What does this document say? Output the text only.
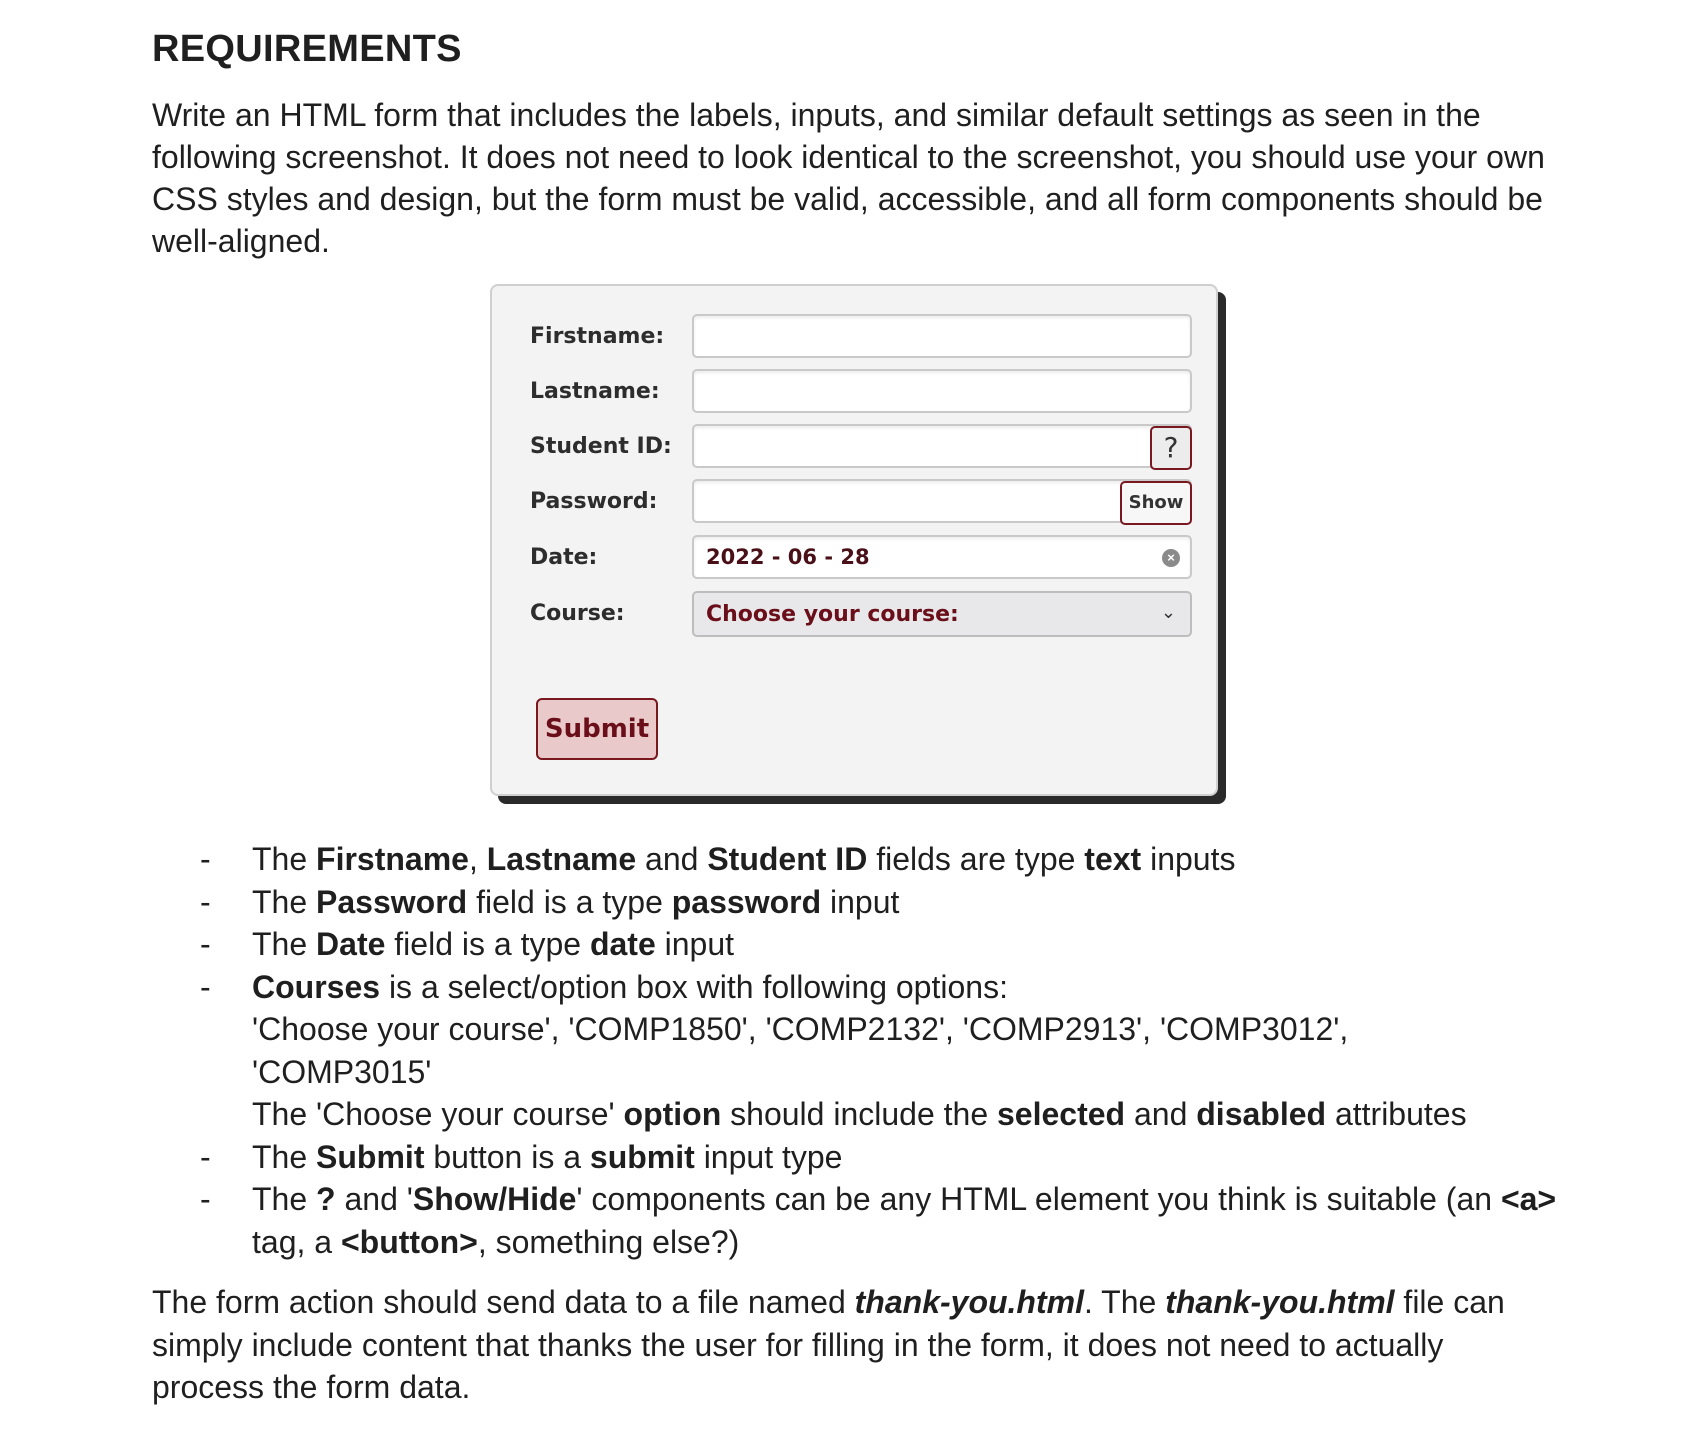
REQUIREMENTS

Write an HTML form that includes the labels, inputs, and similar default settings as seen in the following screenshot. It does not need to look identical to the screenshot, you should use your own CSS styles and design, but the form must be valid, accessible, and all form components should be well-aligned.

Firstname:
Lastname:
Student ID:	?
Password:	Show
Date:	2022 - 06 - 28	×
Course:	Choose your course:	⌄
Submit
- The Firstname, Lastname and Student ID fields are type text inputs
- The Password field is a type password input
- The Date field is a type date input
- Courses is a select/option box with following options:
'Choose your course', 'COMP1850', 'COMP2132', 'COMP2913', 'COMP3012',
'COMP3015'
The 'Choose your course' option should include the selected and disabled attributes
- The Submit button is a submit input type
- The ? and 'Show/Hide' components can be any HTML element you think is suitable (an <a> tag, a <button>, something else?)

The form action should send data to a file named thank-you.html. The thank-you.html file can simply include content that thanks the user for filling in the form, it does not need to actually process the form data.
